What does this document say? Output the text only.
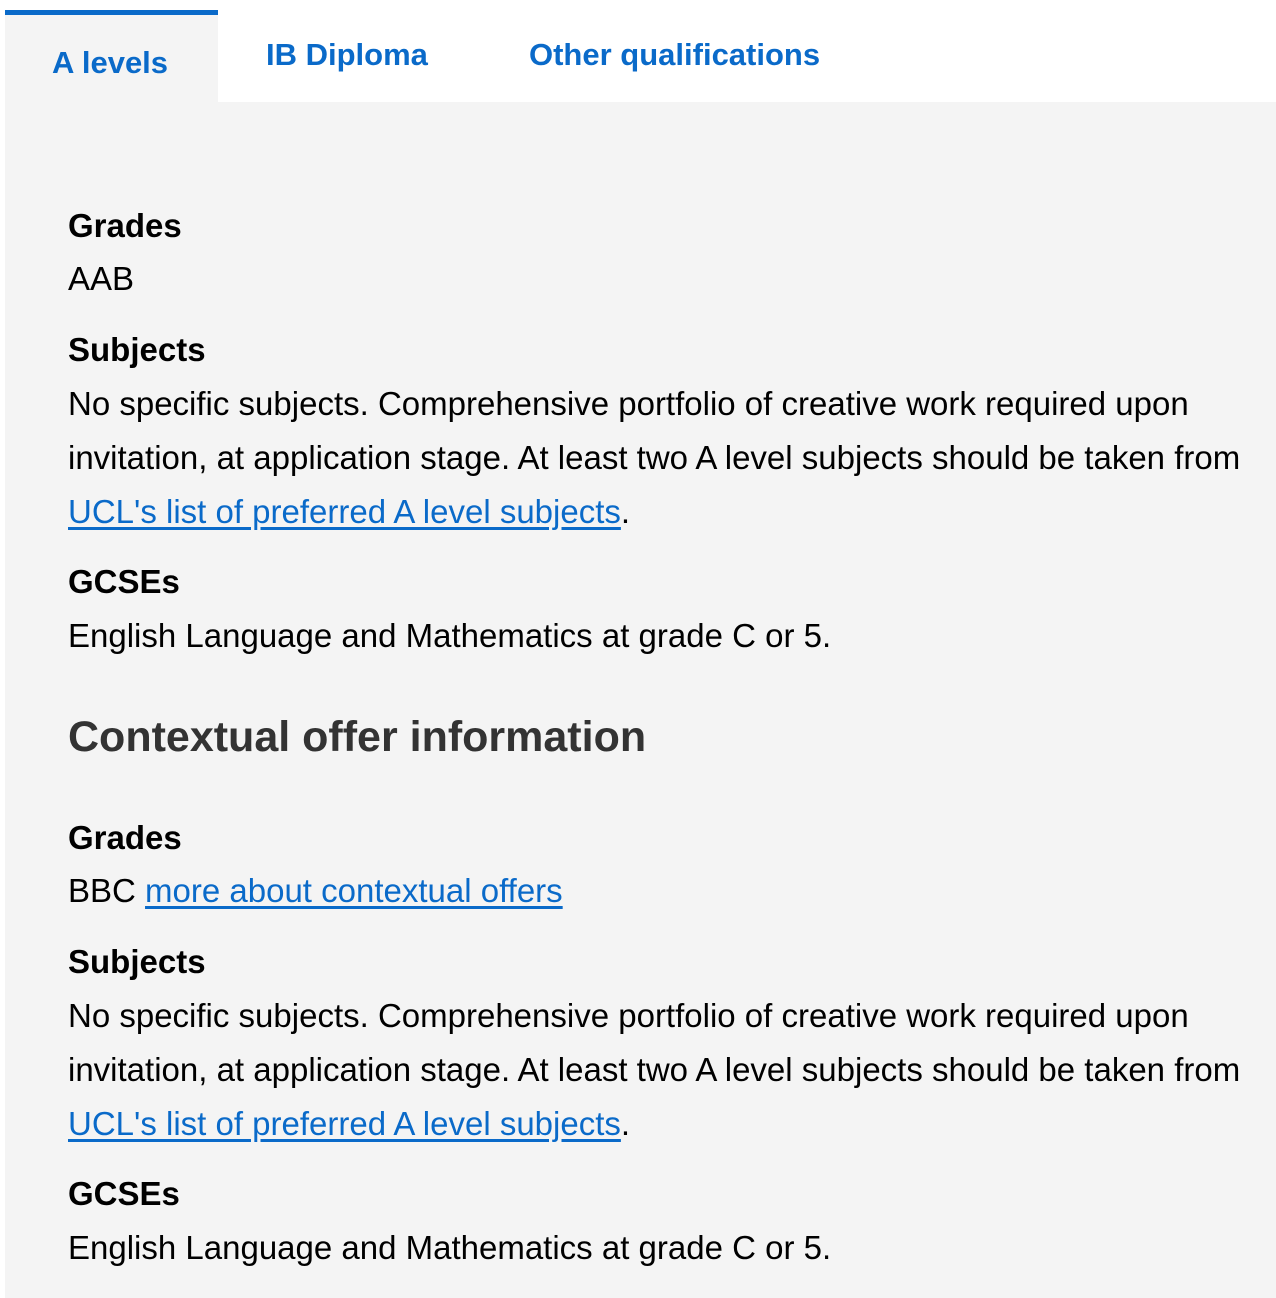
A levels	IB Diploma	Other qualifications
Grades
AAB
Subjects
No specific subjects. Comprehensive portfolio of creative work required upon invitation, at application stage. At least two A level subjects should be taken from UCL's list of preferred A level subjects.
GCSEs
English Language and Mathematics at grade C or 5.
Contextual offer information
Grades
BBC more about contextual offers
Subjects
No specific subjects. Comprehensive portfolio of creative work required upon invitation, at application stage. At least two A level subjects should be taken from UCL's list of preferred A level subjects.
GCSEs
English Language and Mathematics at grade C or 5.
